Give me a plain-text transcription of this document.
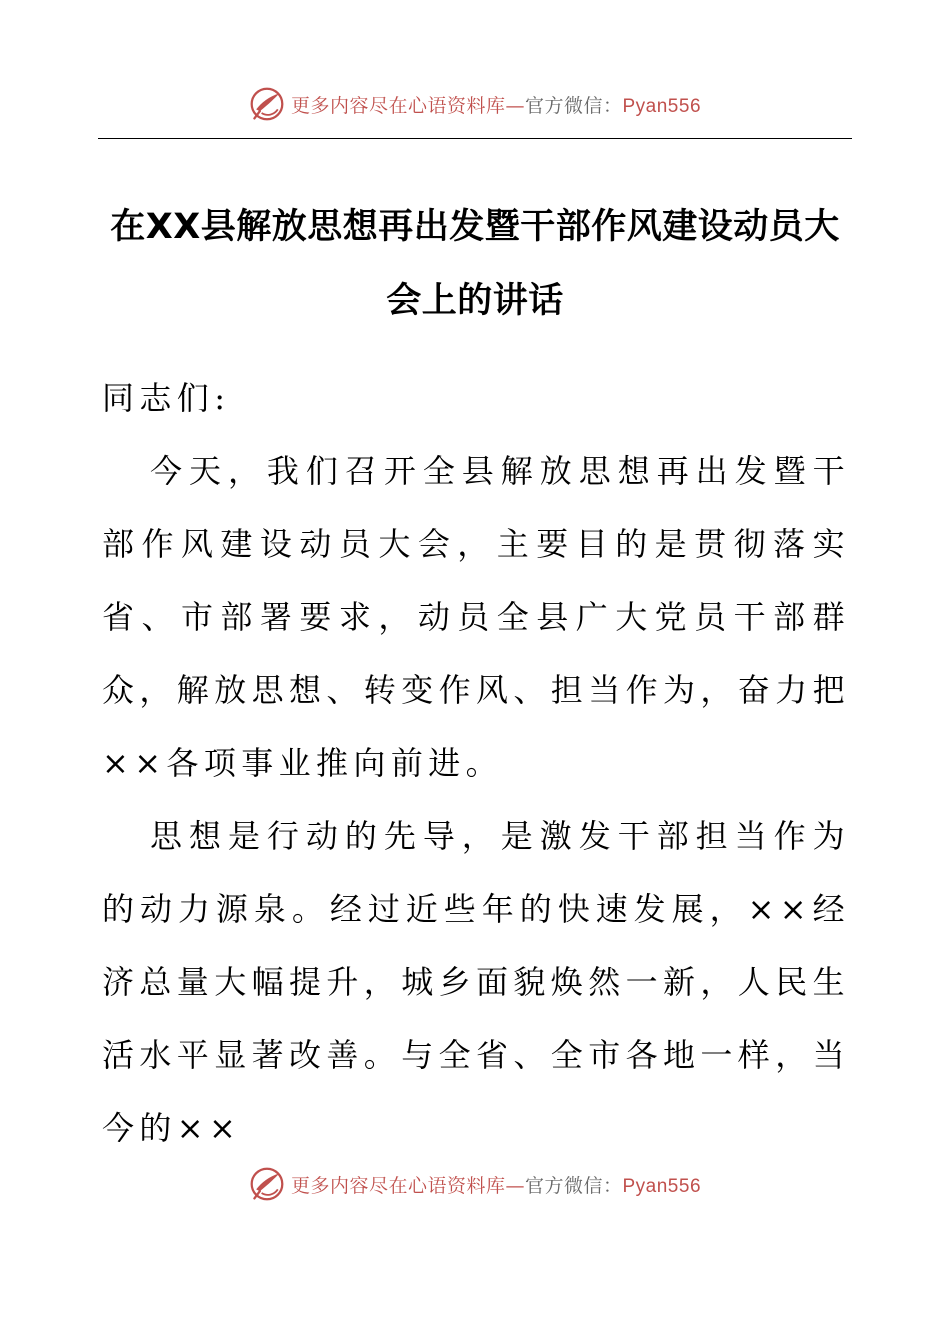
更多内容尽在心语资料库—官方微信：Pyan556
在XX县解放思想再出发暨干部作风建设动员大会上的讲话

同志们:

今天，我们召开全县解放思想再出发暨干部作风建设动员大会，主要目的是贯彻落实省、市部署要求，动员全县广大党员干部群众，解放思想、转变作风、担当作为，奋力把××各项事业推向前进。

思想是行动的先导，是激发干部担当作为的动力源泉。经过近些年的快速发展，××经济总量大幅提升，城乡面貌焕然一新，人民生活水平显著改善。与全省、全市各地一样，当今的××

更多内容尽在心语资料库—官方微信：Pyan556
